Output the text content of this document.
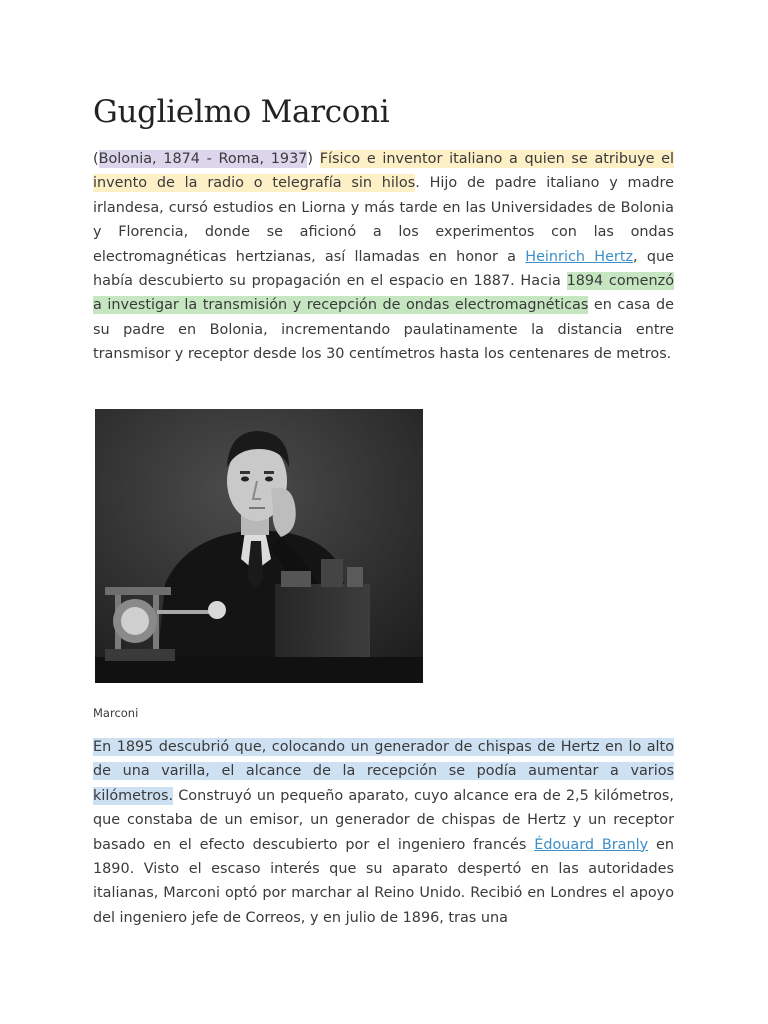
Guglielmo Marconi

(Bolonia, 1874 - Roma, 1937) Físico e inventor italiano a quien se atribuye el invento de la radio o telegrafía sin hilos. Hijo de padre italiano y madre irlandesa, cursó estudios en Liorna y más tarde en las Universidades de Bolonia y Florencia, donde se aficionó a los experimentos con las ondas electromagnéticas hertzianas, así llamadas en honor a Heinrich Hertz, que había descubierto su propagación en el espacio en 1887. Hacia 1894 comenzó a investigar la transmisión y recepción de ondas electromagnéticas en casa de su padre en Bolonia, incrementando paulatinamente la distancia entre transmisor y receptor desde los 30 centímetros hasta los centenares de metros.

Marconi

En 1895 descubrió que, colocando un generador de chispas de Hertz en lo alto de una varilla, el alcance de la recepción se podía aumentar a varios kilómetros. Construyó un pequeño aparato, cuyo alcance era de 2,5 kilómetros, que constaba de un emisor, un generador de chispas de Hertz y un receptor basado en el efecto descubierto por el ingeniero francés Édouard Branly en 1890. Visto el escaso interés que su aparato despertó en las autoridades italianas, Marconi optó por marchar al Reino Unido. Recibió en Londres el apoyo del ingeniero jefe de Correos, y en julio de 1896, tras una
